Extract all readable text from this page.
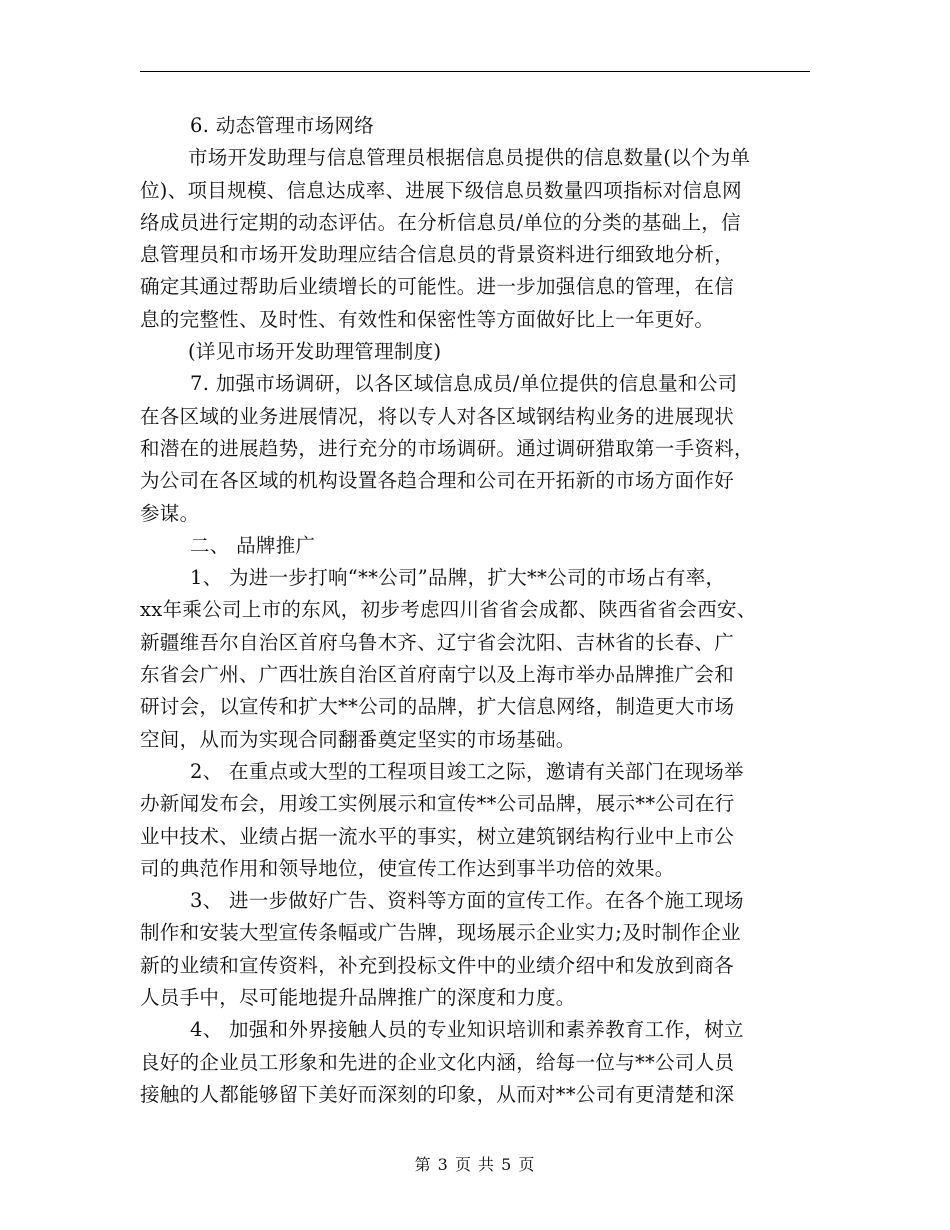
6. 动态管理市场网络
市场开发助理与信息管理员根据信息员提供的信息数量(以个为单
位)、项目规模、信息达成率、进展下级信息员数量四项指标对信息网
络成员进行定期的动态评估。在分析信息员/单位的分类的基础上，信
息管理员和市场开发助理应结合信息员的背景资料进行细致地分析，
确定其通过帮助后业绩增长的可能性。进一步加强信息的管理，在信
息的完整性、及时性、有效性和保密性等方面做好比上一年更好。
(详见市场开发助理管理制度)
7. 加强市场调研，以各区域信息成员/单位提供的信息量和公司
在各区域的业务进展情况，将以专人对各区域钢结构业务的进展现状
和潜在的进展趋势，进行充分的市场调研。通过调研猎取第一手资料，
为公司在各区域的机构设置各趋合理和公司在开拓新的市场方面作好
参谋。
二、 品牌推广
1、 为进一步打响“**公司”品牌，扩大**公司的市场占有率，
xx年乘公司上市的东风，初步考虑四川省省会成都、陕西省省会西安、
新疆维吾尔自治区首府乌鲁木齐、辽宁省会沈阳、吉林省的长春、广
东省会广州、广西壮族自治区首府南宁以及上海市举办品牌推广会和
研讨会，以宣传和扩大**公司的品牌，扩大信息网络，制造更大市场
空间，从而为实现合同翻番奠定坚实的市场基础。
2、 在重点或大型的工程项目竣工之际，邀请有关部门在现场举
办新闻发布会，用竣工实例展示和宣传**公司品牌，展示**公司在行
业中技术、业绩占据一流水平的事实，树立建筑钢结构行业中上市公
司的典范作用和领导地位，使宣传工作达到事半功倍的效果。
3、 进一步做好广告、资料等方面的宣传工作。在各个施工现场
制作和安装大型宣传条幅或广告牌，现场展示企业实力;及时制作企业
新的业绩和宣传资料，补充到投标文件中的业绩介绍中和发放到商各
人员手中，尽可能地提升品牌推广的深度和力度。
4、 加强和外界接触人员的专业知识培训和素养教育工作，树立
良好的企业员工形象和先进的企业文化内涵，给每一位与**公司人员
接触的人都能够留下美好而深刻的印象，从而对**公司有更清楚和深
第 3 页 共 5 页
